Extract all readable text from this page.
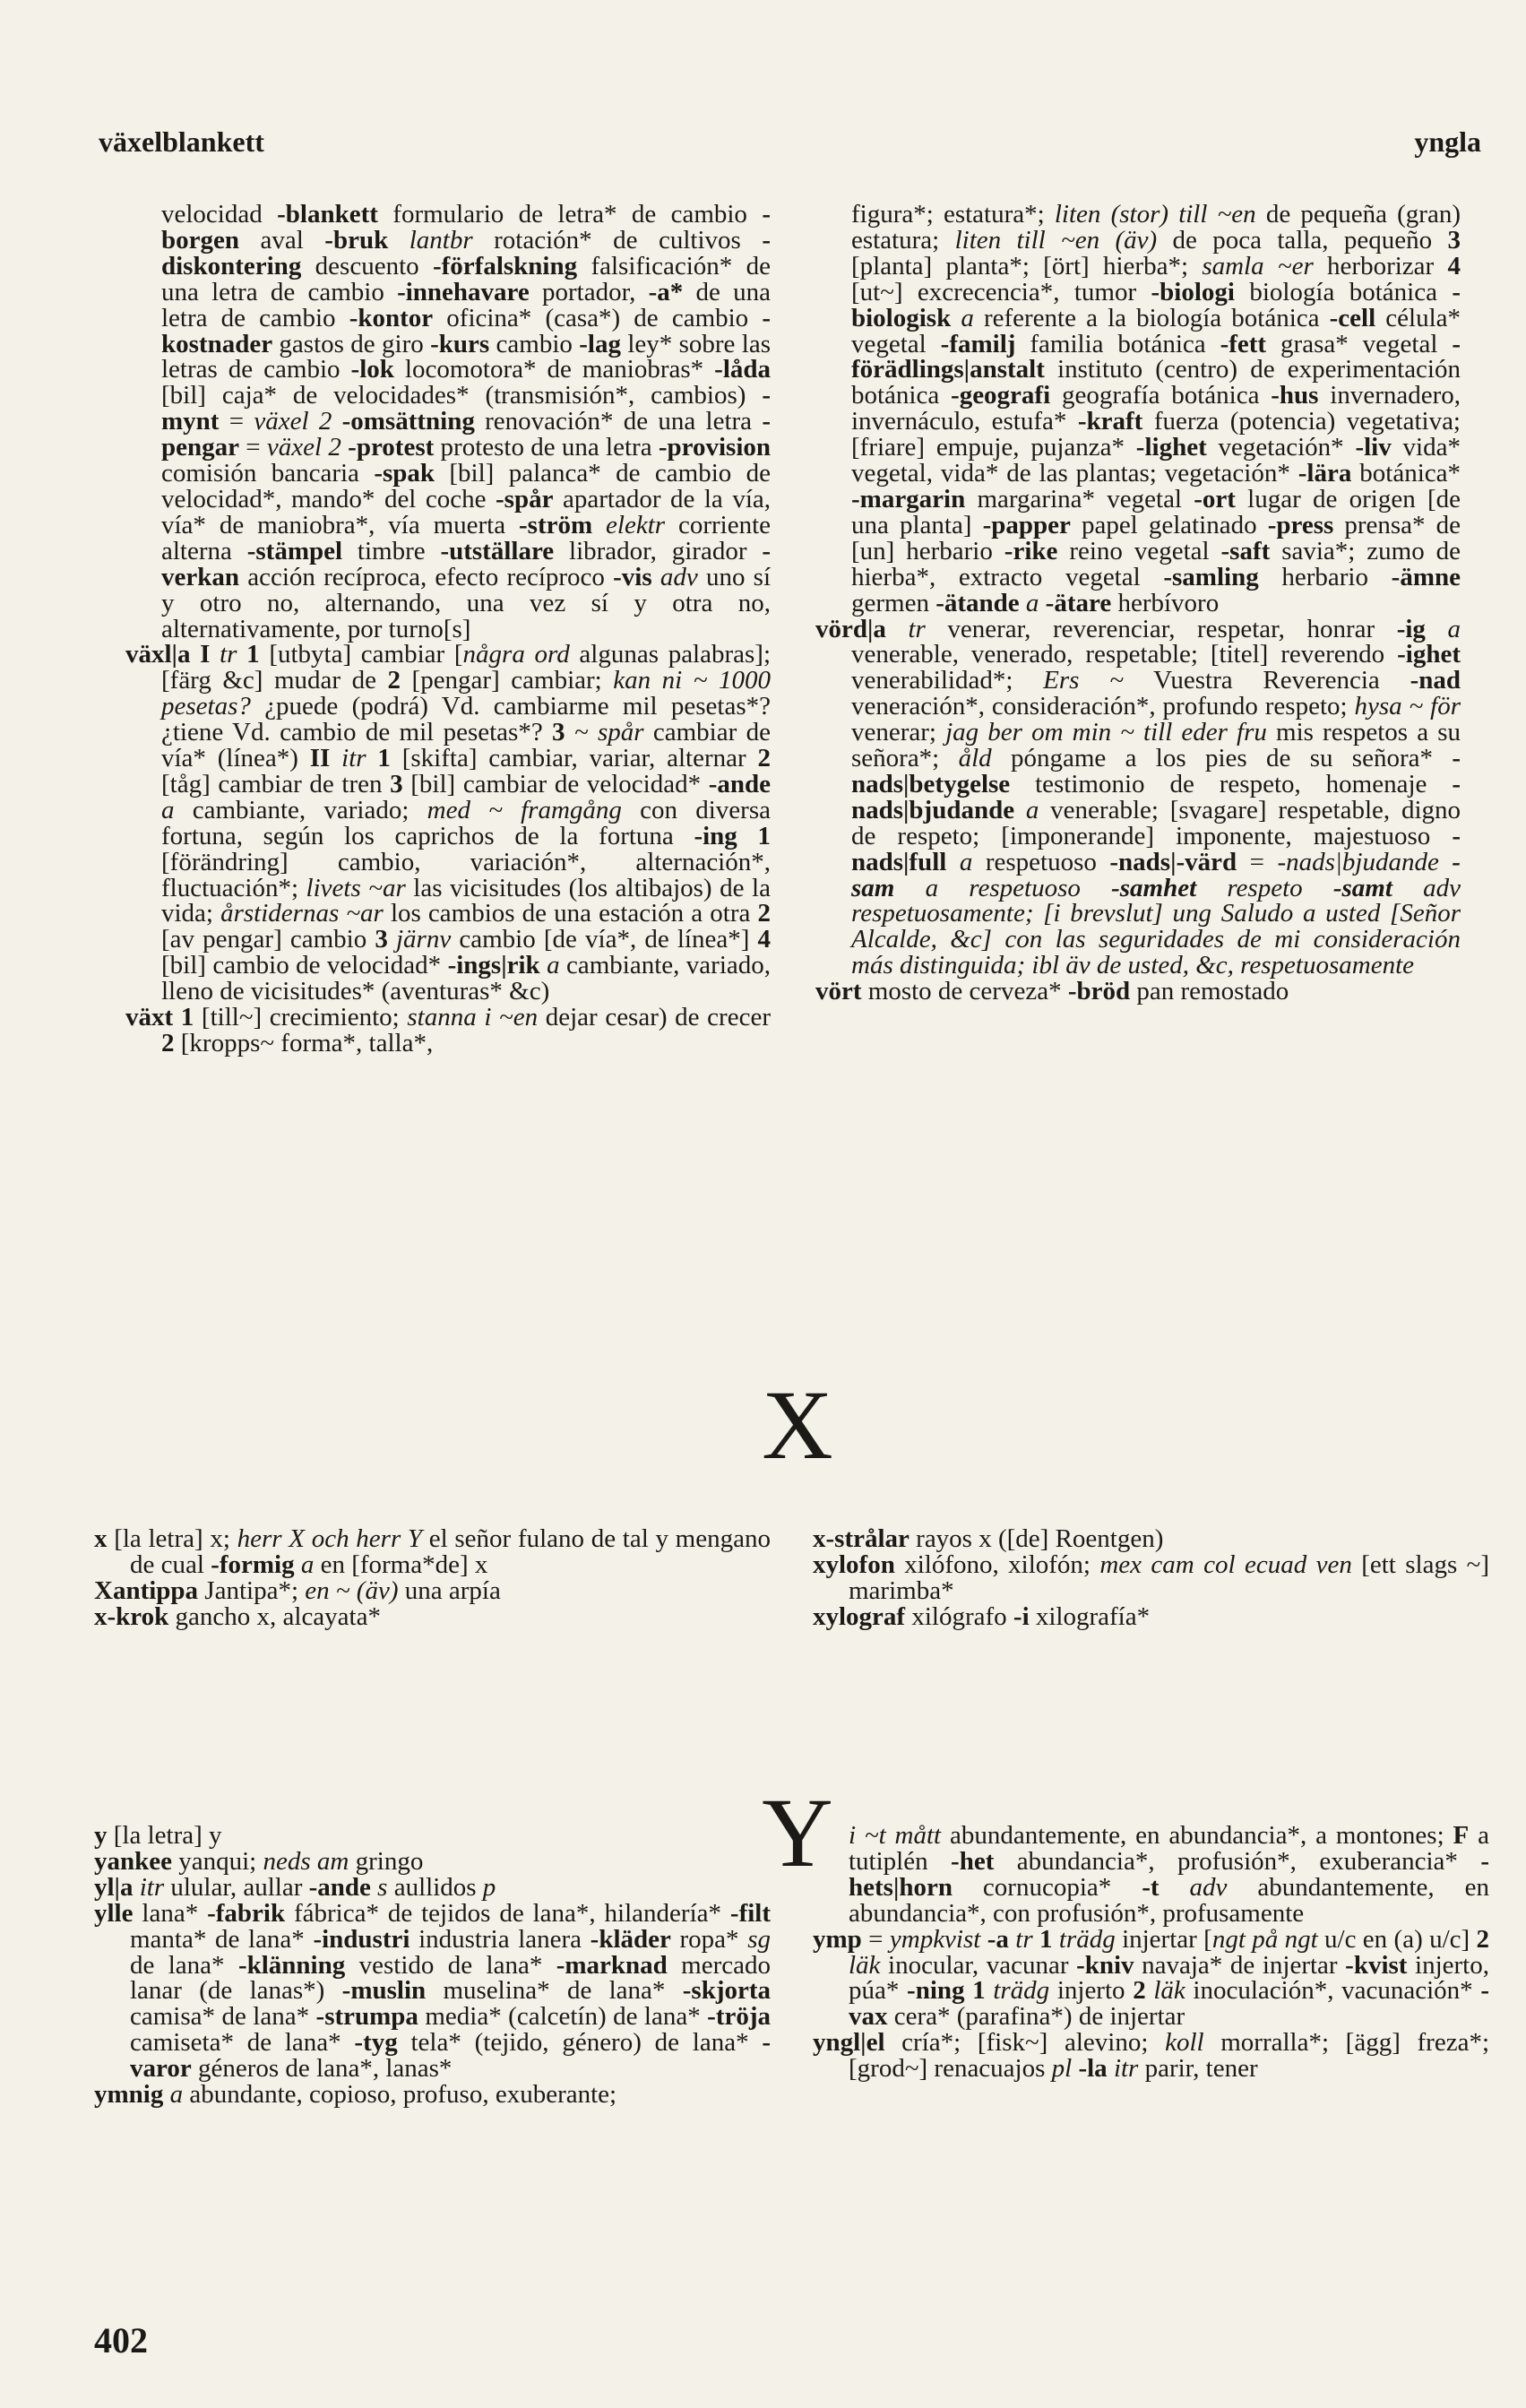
växelblankett	yngla

velocidad -blankett formulario de letra* de cambio -borgen aval -bruk lantbr rotación* de cultivos -diskontering descuento -förfalskning falsificación* de una letra de cambio -innehavare portador, -a* de una letra de cambio -kontor oficina* (casa*) de cambio -kostnader gastos de giro -kurs cambio -lag ley* sobre las letras de cambio -lok locomotora* de maniobras* -låda [bil] caja* de velocidades* (transmisión*, cambios) -mynt = växel 2 -omsättning renovación* de una letra -pengar = växel 2 -protest protesto de una letra -provision comisión bancaria -spak [bil] palanca* de cambio de velocidad*, mando* del coche -spår apartador de la vía, vía* de maniobra*, vía muerta -ström elektr corriente alterna -stämpel timbre -utställare librador, girador -verkan acción recíproca, efecto recíproco -vis adv uno sí y otro no, alternando, una vez sí y otra no, alternativamente, por turno[s]

växl|a I tr 1 [utbyta] cambiar [några ord algunas palabras]; [färg &c] mudar de 2 [pengar] cambiar; kan ni ~ 1000 pesetas? ¿puede (podrá) Vd. cambiarme mil pesetas*? ¿tiene Vd. cambio de mil pesetas*? 3 ~ spår cambiar de vía* (línea*) II itr 1 [skifta] cambiar, variar, alternar 2 [tåg] cambiar de tren 3 [bil] cambiar de velocidad* -ande a cambiante, variado; med ~ framgång con diversa fortuna, según los caprichos de la fortuna -ing 1 [förändring] cambio, variación*, alternación*, fluctuación*; livets ~ar las vicisitudes (los altibajos) de la vida; årstidernas ~ar los cambios de una estación a otra 2 [av pengar] cambio 3 järnv cambio [de vía*, de línea*] 4 [bil] cambio de velocidad* -ings|rik a cambiante, variado, lleno de vicisitudes* (aventuras* &c)

växt 1 [till~] crecimiento; stanna i ~en dejar cesar) de crecer 2 [kropps~ forma*, talla*,

figura*; estatura*; liten (stor) till ~en de pequeña (gran) estatura; liten till ~en (äv) de poca talla, pequeño 3 [planta] planta*; [ört] hierba*; samla ~er herborizar 4 [ut~] excrecencia*, tumor -biologi biología botánica -biologisk a referente a la biología botánica -cell célula* vegetal -familj familia botánica -fett grasa* vegetal -förädlings|anstalt instituto (centro) de experimentación botánica -geografi geografía botánica -hus invernadero, invernáculo, estufa* -kraft fuerza (potencia) vegetativa; [friare] empuje, pujanza* -lighet vegetación* -liv vida* vegetal, vida* de las plantas; vegetación* -lära botánica* -margarin margarina* vegetal -ort lugar de origen [de una planta] -papper papel gelatinado -press prensa* de [un] herbario -rike reino vegetal -saft savia*; zumo de hierba*, extracto vegetal -samling herbario -ämne germen -ätande a -ätare herbívoro

vörd|a tr venerar, reverenciar, respetar, honrar -ig a venerable, venerado, respetable; [titel] reverendo -ighet venerabilidad*; Ers ~ Vuestra Reverencia -nad veneración*, consideración*, profundo respeto; hysa ~ för venerar; jag ber om min ~ till eder fru mis respetos a su señora*; åld póngame a los pies de su señora* -nads|betygelse testimonio de respeto, homenaje -nads|bjudande a venerable; [svagare] respetable, digno de respeto; [imponerande] imponente, majestuoso -nads|full a respetuoso -nads|-värd = -nads|bjudande -sam a respetuoso -samhet respeto -samt adv respetuosamente; [i brevslut] ung Saludo a usted [Señor Alcalde, &c] con las seguridades de mi consideración más distinguida; ibl äv de usted, &c, respetuosamente

vört mosto de cerveza* -bröd pan remostado

X

x [la letra] x; herr X och herr Y el señor fulano de tal y mengano de cual -formig a en [forma*de] x

Xantippa Jantipa*; en ~ (äv) una arpía

x-krok gancho x, alcayata*

x-strålar rayos x ([de] Roentgen)

xylofon xilófono, xilofón; mex cam col ecuad ven [ett slags ~] marimba*

xylograf xilógrafo -i xilografía*

Y

y [la letra] y

yankee yanqui; neds am gringo

yl|a itr ulular, aullar -ande s aullidos p

ylle lana* -fabrik fábrica* de tejidos de lana*, hilandería* -filt manta* de lana* -industri industria lanera -kläder ropa* sg de lana* -klänning vestido de lana* -marknad mercado lanar (de lanas*) -muslin muselina* de lana* -skjorta camisa* de lana* -strumpa media* (calcetín) de lana* -tröja camiseta* de lana* -tyg tela* (tejido, género) de lana* -varor géneros de lana*, lanas*

ymnig a abundante, copioso, profuso, exuberante;

i ~t mått abundantemente, en abundancia*, a montones; F a tutiplén -het abundancia*, profusión*, exuberancia* -hets|horn cornucopia* -t adv abundantemente, en abundancia*, con profusión*, profusamente

ymp = ympkvist -a tr 1 trädg injertar [ngt på ngt u/c en (a) u/c] 2 läk inocular, vacunar -kniv navaja* de injertar -kvist injerto, púa* -ning 1 trädg injerto 2 läk inoculación*, vacunación* -vax cera* (parafina*) de injertar

yngl|el cría*; [fisk~] alevino; koll morralla*; [ägg] freza*; [grod~] renacuajos pl -la itr parir, tener

402
